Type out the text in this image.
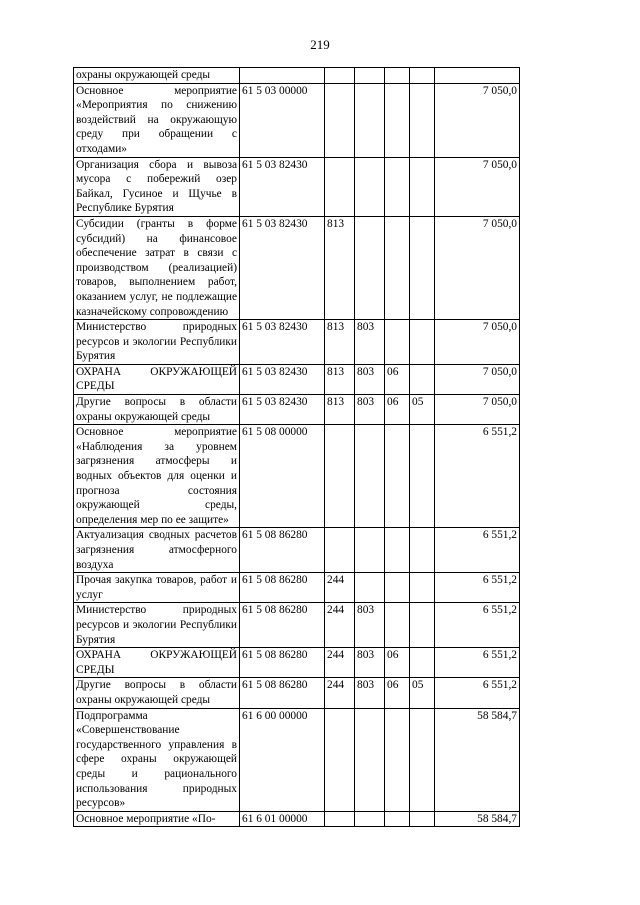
219
охраны окружающей среды						
Основное мероприятие «Мероприятия по снижению воздействий на окружающую среду при обращении с отходами»	61 5 03 00000					7 050,0
Организация сбора и вывоза мусора с побережий озер Байкал, Гусиное и Щучье в Республике Бурятия	61 5 03 82430					7 050,0
Субсидии (гранты в форме субсидий) на финансовое обеспечение затрат в связи с производством (реализацией) товаров, выполнением работ, оказанием услуг, не подлежащие казначейскому сопровождению	61 5 03 82430	813				7 050,0
Министерство природных ресурсов и экологии Республики Бурятия	61 5 03 82430	813	803			7 050,0
ОХРАНА ОКРУЖАЮЩЕЙ СРЕДЫ	61 5 03 82430	813	803	06		7 050,0
Другие вопросы в области охраны окружающей среды	61 5 03 82430	813	803	06	05	7 050,0
Основное мероприятие «Наблюдения за уровнем загрязнения атмосферы и водных объектов для оценки и прогноза состояния окружающей среды, определения мер по ее защите»	61 5 08 00000					6 551,2
Актуализация сводных расчетов загрязнения атмосферного воздуха	61 5 08 86280					6 551,2
Прочая закупка товаров, работ и услуг	61 5 08 86280	244				6 551,2
Министерство природных ресурсов и экологии Республики Бурятия	61 5 08 86280	244	803			6 551,2
ОХРАНА ОКРУЖАЮЩЕЙ СРЕДЫ	61 5 08 86280	244	803	06		6 551,2
Другие вопросы в области охраны окружающей среды	61 5 08 86280	244	803	06	05	6 551,2
Подпрограмма «Совершенствование государственного управления в сфере охраны окружающей среды и рационального использования природных ресурсов»	61 6 00 00000					58 584,7
Основное мероприятие «По-	61 6 01 00000					58 584,7
